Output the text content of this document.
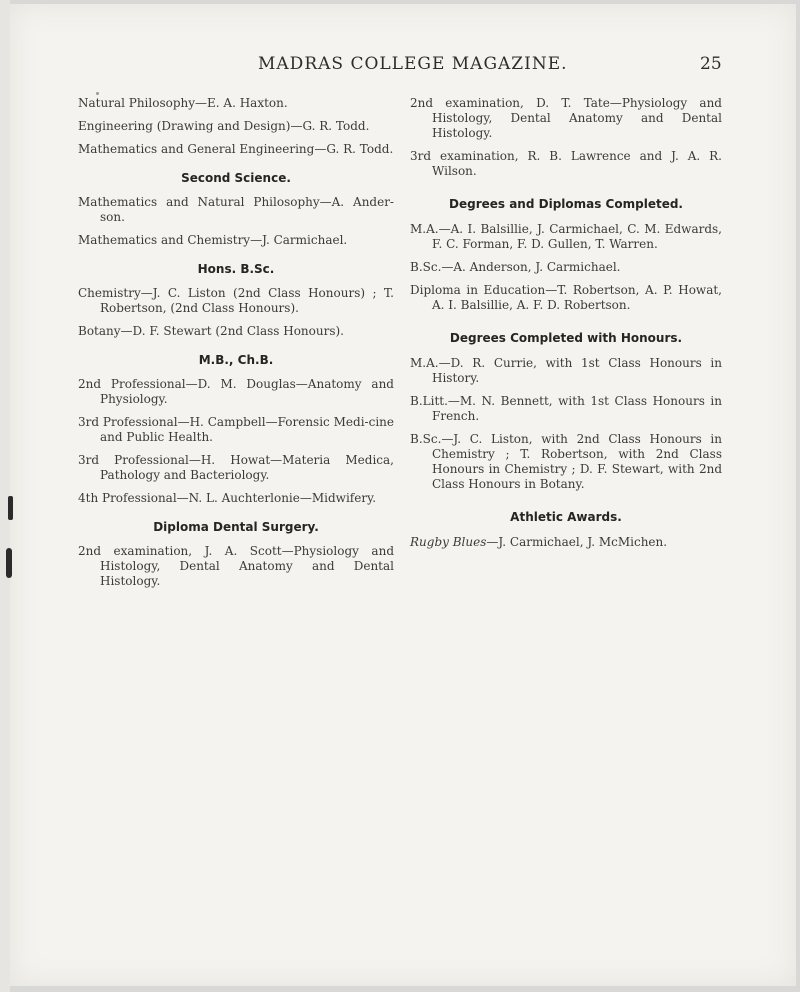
MADRAS COLLEGE MAGAZINE.	25

Natural Philosophy—E. A. Haxton.

Engineering (Drawing and Design)—G. R. Todd.

Mathematics and General Engineering—G. R. Todd.

Second Science.

Mathematics and Natural Philosophy—A. Ander-son.

Mathematics and Chemistry—J. Carmichael.

Hons. B.Sc.

Chemistry—J. C. Liston (2nd Class Honours) ; T. Robertson, (2nd Class Honours).

Botany—D. F. Stewart (2nd Class Honours).

M.B., Ch.B.

2nd Professional—D. M. Douglas—Anatomy and Physiology.

3rd Professional—H. Campbell—Forensic Medi-cine and Public Health.

3rd Professional—H. Howat—Materia Medica, Pathology and Bacteriology.

4th Professional—N. L. Auchterlonie—Midwifery.

Diploma Dental Surgery.

2nd examination, J. A. Scott—Physiology and Histology, Dental Anatomy and Dental Histology.

2nd examination, D. T. Tate—Physiology and Histology, Dental Anatomy and Dental Histology.

3rd examination, R. B. Lawrence and J. A. R. Wilson.

Degrees and Diplomas Completed.

M.A.—A. I. Balsillie, J. Carmichael, C. M. Edwards, F. C. Forman, F. D. Gullen, T. Warren.

B.Sc.—A. Anderson, J. Carmichael.

Diploma in Education—T. Robertson, A. P. Howat, A. I. Balsillie, A. F. D. Robertson.

Degrees Completed with Honours.

M.A.—D. R. Currie, with 1st Class Honours in History.

B.Litt.—M. N. Bennett, with 1st Class Honours in French.

B.Sc.—J. C. Liston, with 2nd Class Honours in Chemistry ; T. Robertson, with 2nd Class Honours in Chemistry ; D. F. Stewart, with 2nd Class Honours in Botany.

Athletic Awards.

Rugby Blues—J. Carmichael, J. McMichen.
